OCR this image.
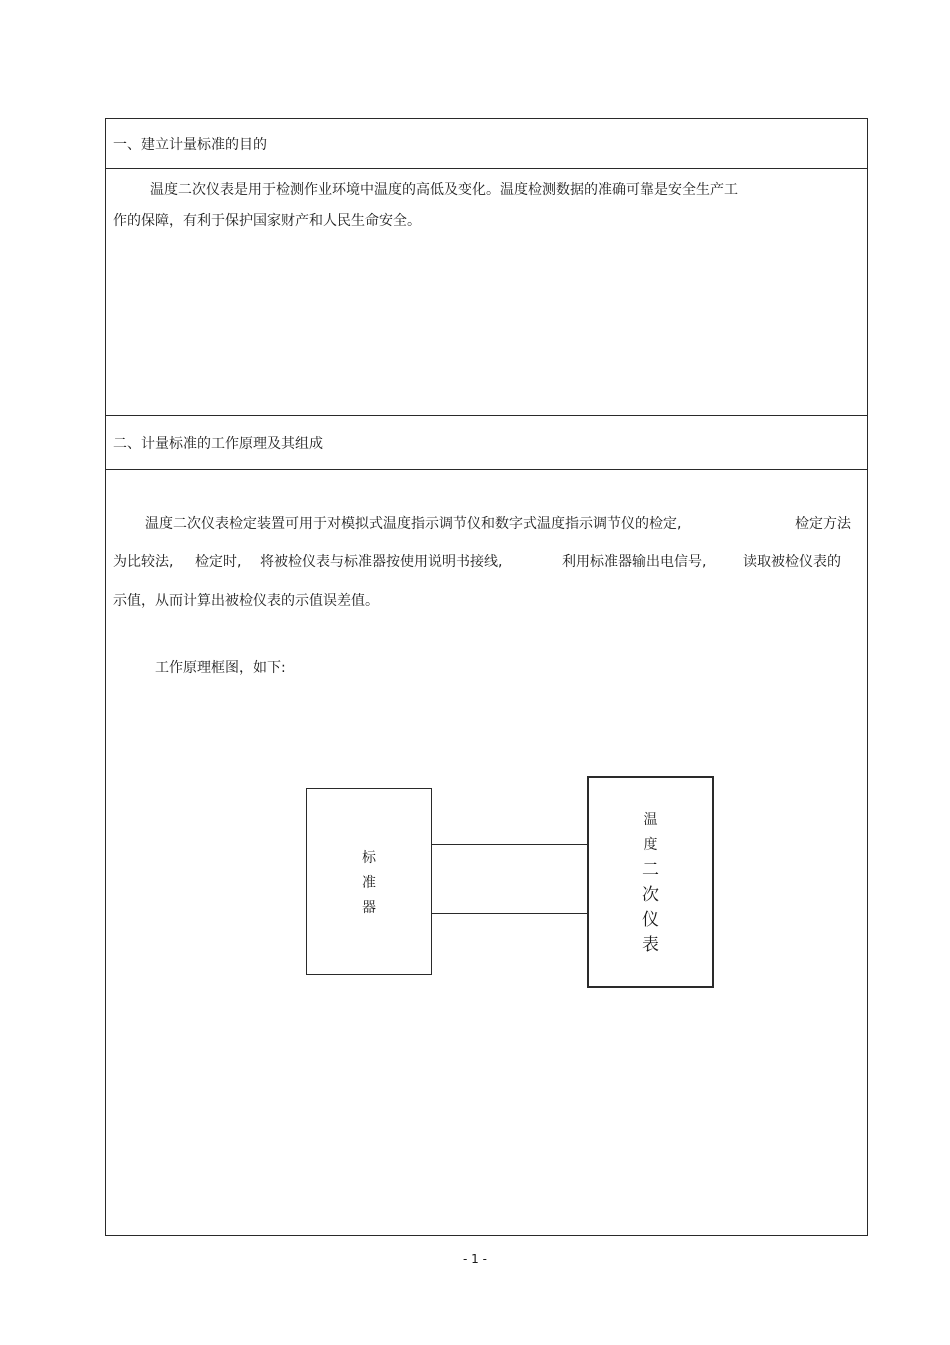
一、建立计量标准的目的
温度二次仪表是用于检测作业环境中温度的高低及变化。温度检测数据的准确可靠是安全生产工
作的保障，有利于保护国家财产和人民生命安全。
二、计量标准的工作原理及其组成
温度二次仪表检定装置可用于对模拟式温度指示调节仪和数字式温度指示调节仪的检定,	检定方法
为比较法, 检定时, 将被检仪表与标准器按使用说明书接线,	利用标准器输出电信号,	读取被检仪表的
示值，从而计算出被检仪表的示值误差值。
工作原理框图，如下:
标
准
器
温
度
二
次
仪
表
- 1 -
